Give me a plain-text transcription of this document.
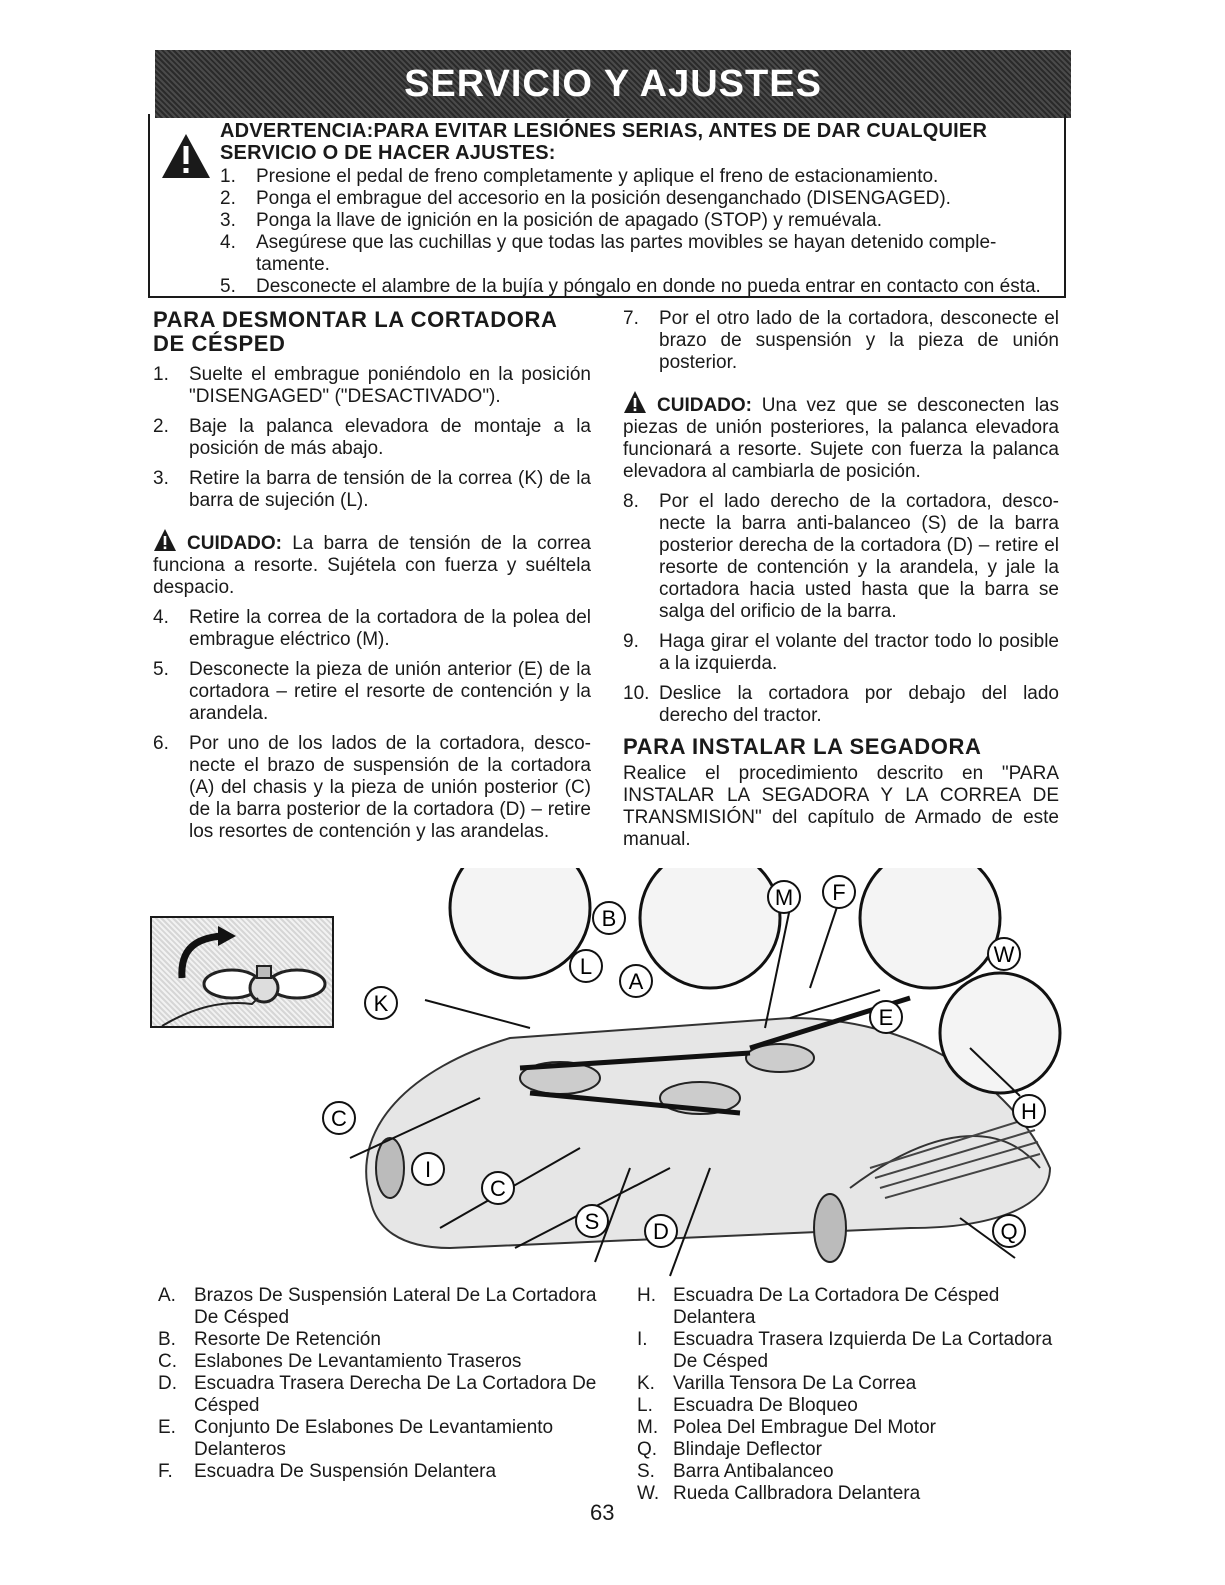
SERVICIO Y AJUSTES
ADVERTENCIA:PARA EVITAR LESIÓNES SERIAS, ANTES DE DAR CUALQUIER
SERVICIO O DE HACER AJUSTES:

1.	Presione el pedal de freno completamente y aplique el freno de estacionamiento.

2.	Ponga el embrague del accesorio en la posición desenganchado (DISENGAGED).

3.	Ponga la llave de ignición en la posición de apagado (STOP) y remuévala.

4.	Asegúrese que las cuchillas y que todas las partes movibles se hayan detenido comple-tamente.

5.	Desconecte el alambre de la bujía y póngalo en donde no pueda entrar en contacto con ésta.

PARA DESMONTAR LA CORTADORA DE CÉSPED

1.	Suelte el embrague poniéndolo en la posición "DISENGAGED" ("DESACTIVADO").

2.	Baje la palanca elevadora de montaje a la posición de más abajo.

3.	Retire la barra de tensión de la correa (K) de la barra de sujeción (L).

CUIDADO: La barra de tensión de la correa funciona a resorte. Sujétela con fuerza y suéltela despacio.

4.	Retire la correa de la cortadora de la polea del embrague eléctrico (M).

5.	Desconecte la pieza de unión anterior (E) de la cortadora – retire el resorte de contención y la arandela.

6.	Por uno de los lados de la cortadora, desco-necte el brazo de suspensión de la cortadora (A) del chasis y la pieza de unión posterior (C) de la barra posterior de la cortadora (D) – retire los resortes de contención y las arandelas.

7.	Por el otro lado de la cortadora, desconecte el brazo de suspensión y la pieza de unión posterior.

CUIDADO: Una vez que se desconecten las piezas de unión posteriores, la palanca elevadora funcionará a resorte. Sujete con fuerza la palanca elevadora al cambiarla de posición.

8.	Por el lado derecho de la cortadora, desco-necte la barra anti-balanceo (S) de la barra posterior derecha de la cortadora (D) – retire el resorte de contención y la arandela, y jale la cortadora hacia usted hasta que la barra se salga del orificio de la barra.

9.	Haga girar el volante del tractor todo lo posible a la izquierda.

10. Deslice la cortadora por debajo del lado derecho del tractor.

PARA INSTALAR LA SEGADORA

Realice el procedimiento descrito en "PARA INSTALAR LA SEGADORA Y LA CORREA DE TRANSMISIÓN" del capítulo de Armado de este manual.

B
M F
L
A
W
K
E
C	H
I
C
S D	Q

A. Brazos De Suspensión Lateral De La Cortadora De Césped

B. Resorte De Retención

C. Eslabones De Levantamiento Traseros

D. Escuadra Trasera Derecha De La Cortadora De Césped

E. Conjunto De Eslabones De Levantamiento Delanteros

F.	Escuadra De Suspensión Delantera

H. Escuadra De La Cortadora De Césped Delantera

I.	Escuadra Trasera Izquierda De La Cortadora De Césped

K. Varilla Tensora De La Correa

L.	Escuadra De Bloqueo

M. Polea Del Embrague Del Motor

Q. Blindaje Deflector

S. Barra Antibalanceo

W. Rueda Callbradora Delantera

63
